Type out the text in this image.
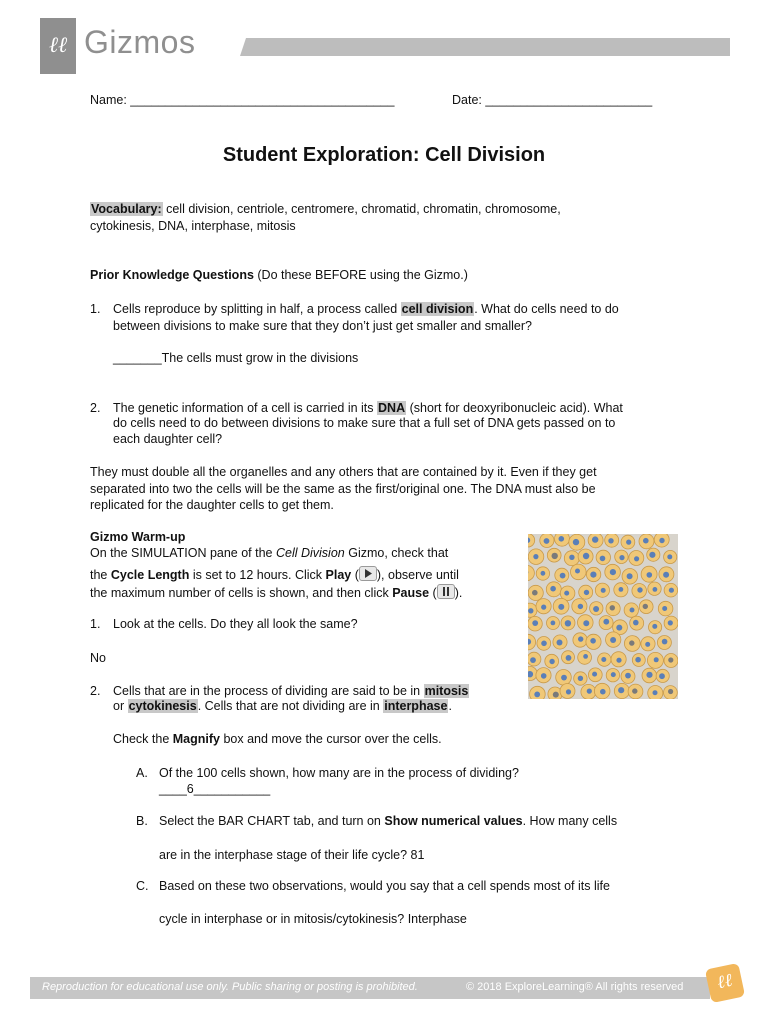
ℓℓ Gizmos
Name: ______________________________________	Date: ________________________
Student Exploration: Cell Division
Vocabulary: cell division, centriole, centromere, chromatid, chromatin, chromosome,
cytokinesis, DNA, interphase, mitosis
Prior Knowledge Questions (Do these BEFORE using the Gizmo.)
1. Cells reproduce by splitting in half, a process called cell division. What do cells need to do
between divisions to make sure that they don’t just get smaller and smaller?
_______The cells must grow in the divisions
2. The genetic information of a cell is carried in its DNA (short for deoxyribonucleic acid). What
do cells need to do between divisions to make sure that a full set of DNA gets passed on to
each daughter cell?
They must double all the organelles and any others that are contained by it. Even if they get
separated into two the cells will be the same as the first/original one. The DNA must also be
replicated for the daughter cells to get them.
Gizmo Warm-up
On the SIMULATION pane of the Cell Division Gizmo, check that
the Cycle Length is set to 12 hours. Click Play ( ), observe until
the maximum number of cells is shown, and then click Pause ( ).
1. Look at the cells. Do they all look the same?
No
2. Cells that are in the process of dividing are said to be in mitosis
or cytokinesis. Cells that are not dividing are in interphase.
Check the Magnify box and move the cursor over the cells.
A. Of the 100 cells shown, how many are in the process of dividing?
____6___________
B. Select the BAR CHART tab, and turn on Show numerical values. How many cells
are in the interphase stage of their life cycle? 81
C. Based on these two observations, would you say that a cell spends most of its life
cycle in interphase or in mitosis/cytokinesis? Interphase
Reproduction for educational use only. Public sharing or posting is prohibited.	© 2018 ExploreLearning® All rights reserved	ℓℓ
